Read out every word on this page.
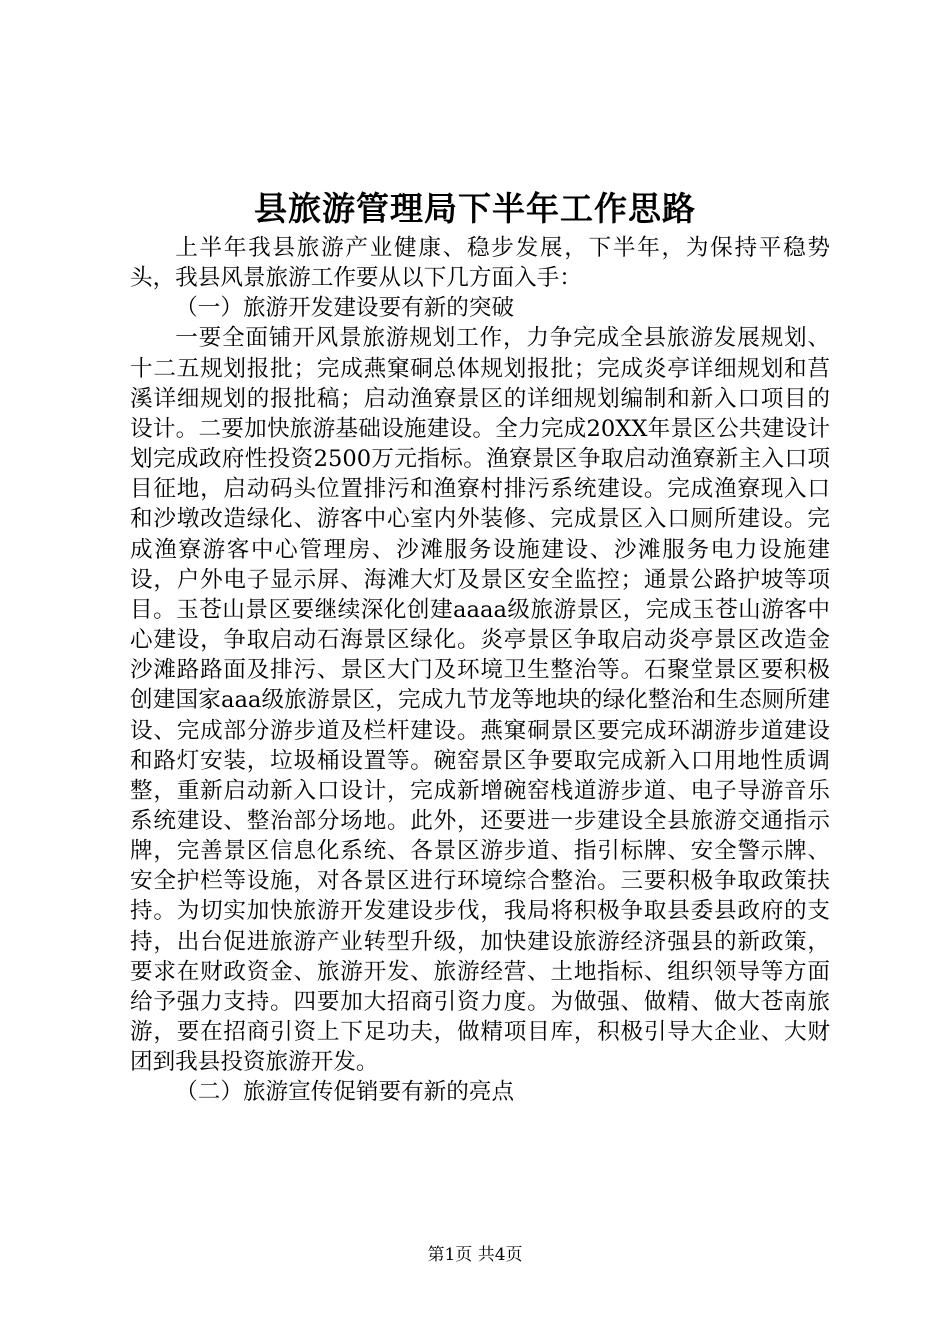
县旅游管理局下半年工作思路

上半年我县旅游产业健康、稳步发展，下半年，为保持平稳势头，我县风景旅游工作要从以下几方面入手：

（一）旅游开发建设要有新的突破

一要全面铺开风景旅游规划工作，力争完成全县旅游发展规划、十二五规划报批；完成燕窠硐总体规划报批；完成炎亭详细规划和莒溪详细规划的报批稿；启动渔寮景区的详细规划编制和新入口项目的设计。二要加快旅游基础设施建设。全力完成20XX年景区公共建设计划完成政府性投资2500万元指标。渔寮景区争取启动渔寮新主入口项目征地，启动码头位置排污和渔寮村排污系统建设。完成渔寮现入口和沙墩改造绿化、游客中心室内外装修、完成景区入口厕所建设。完成渔寮游客中心管理房、沙滩服务设施建设、沙滩服务电力设施建设，户外电子显示屏、海滩大灯及景区安全监控；通景公路护坡等项目。玉苍山景区要继续深化创建aaaa级旅游景区，完成玉苍山游客中心建设，争取启动石海景区绿化。炎亭景区争取启动炎亭景区改造金沙滩路路面及排污、景区大门及环境卫生整治等。石聚堂景区要积极创建国家aaa级旅游景区，完成九节龙等地块的绿化整治和生态厕所建设、完成部分游步道及栏杆建设。燕窠硐景区要完成环湖游步道建设和路灯安装，垃圾桶设置等。碗窑景区争要取完成新入口用地性质调整，重新启动新入口设计，完成新增碗窑栈道游步道、电子导游音乐系统建设、整治部分场地。此外，还要进一步建设全县旅游交通指示牌，完善景区信息化系统、各景区游步道、指引标牌、安全警示牌、安全护栏等设施，对各景区进行环境综合整治。三要积极争取政策扶持。为切实加快旅游开发建设步伐，我局将积极争取县委县政府的支持，出台促进旅游产业转型升级，加快建设旅游经济强县的新政策，要求在财政资金、旅游开发、旅游经营、土地指标、组织领导等方面给予强力支持。四要加大招商引资力度。为做强、做精、做大苍南旅游，要在招商引资上下足功夫，做精项目库，积极引导大企业、大财团到我县投资旅游开发。

（二）旅游宣传促销要有新的亮点

第1页 共4页
